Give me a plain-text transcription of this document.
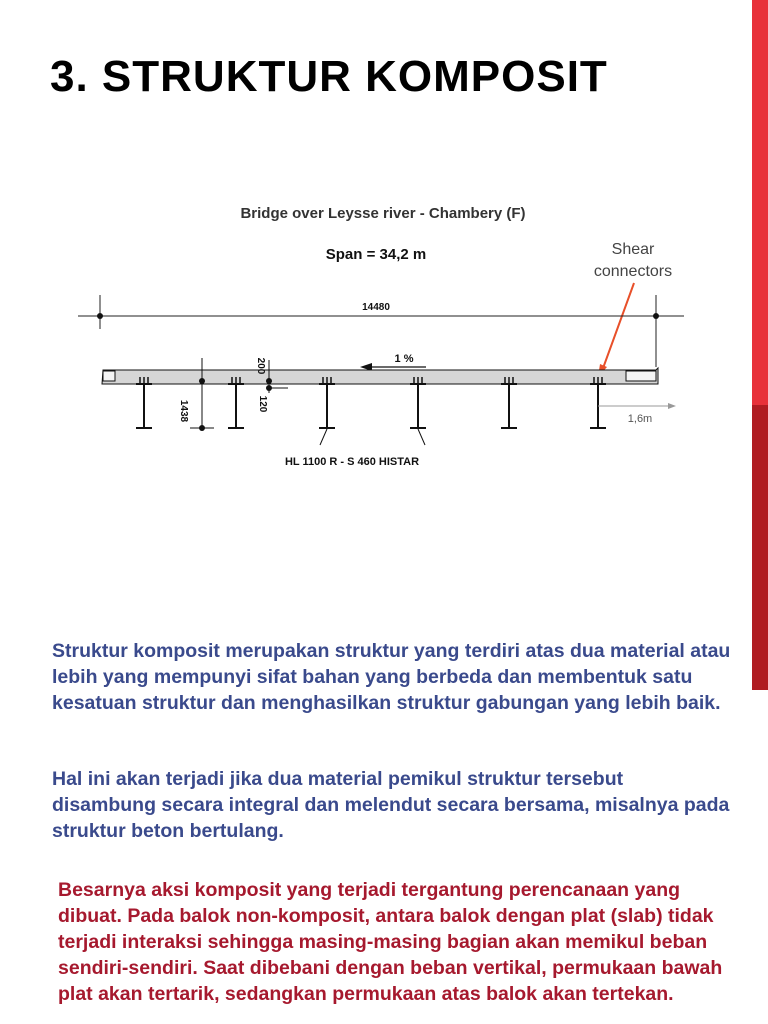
3. STRUKTUR KOMPOSIT
Bridge over Leysse river - Chambery (F)
Span = 34,2 m	Shear
connectors
14480
1 %
1438
200
120
1,6m
HL 1100 R - S 460 HISTAR

Struktur komposit merupakan struktur yang terdiri atas dua material atau lebih yang mempunyi sifat bahan yang berbeda dan membentuk satu kesatuan struktur dan menghasilkan struktur gabungan yang lebih baik.

Hal ini akan terjadi jika dua material pemikul struktur tersebut disambung secara integral dan melendut secara bersama, misalnya pada struktur beton bertulang.

Besarnya aksi komposit yang terjadi tergantung perencanaan yang dibuat. Pada balok non-komposit, antara balok dengan plat (slab) tidak terjadi interaksi sehingga masing-masing bagian akan memikul beban sendiri-sendiri. Saat dibebani dengan beban vertikal, permukaan bawah plat akan tertarik, sedangkan permukaan atas balok akan tertekan.
